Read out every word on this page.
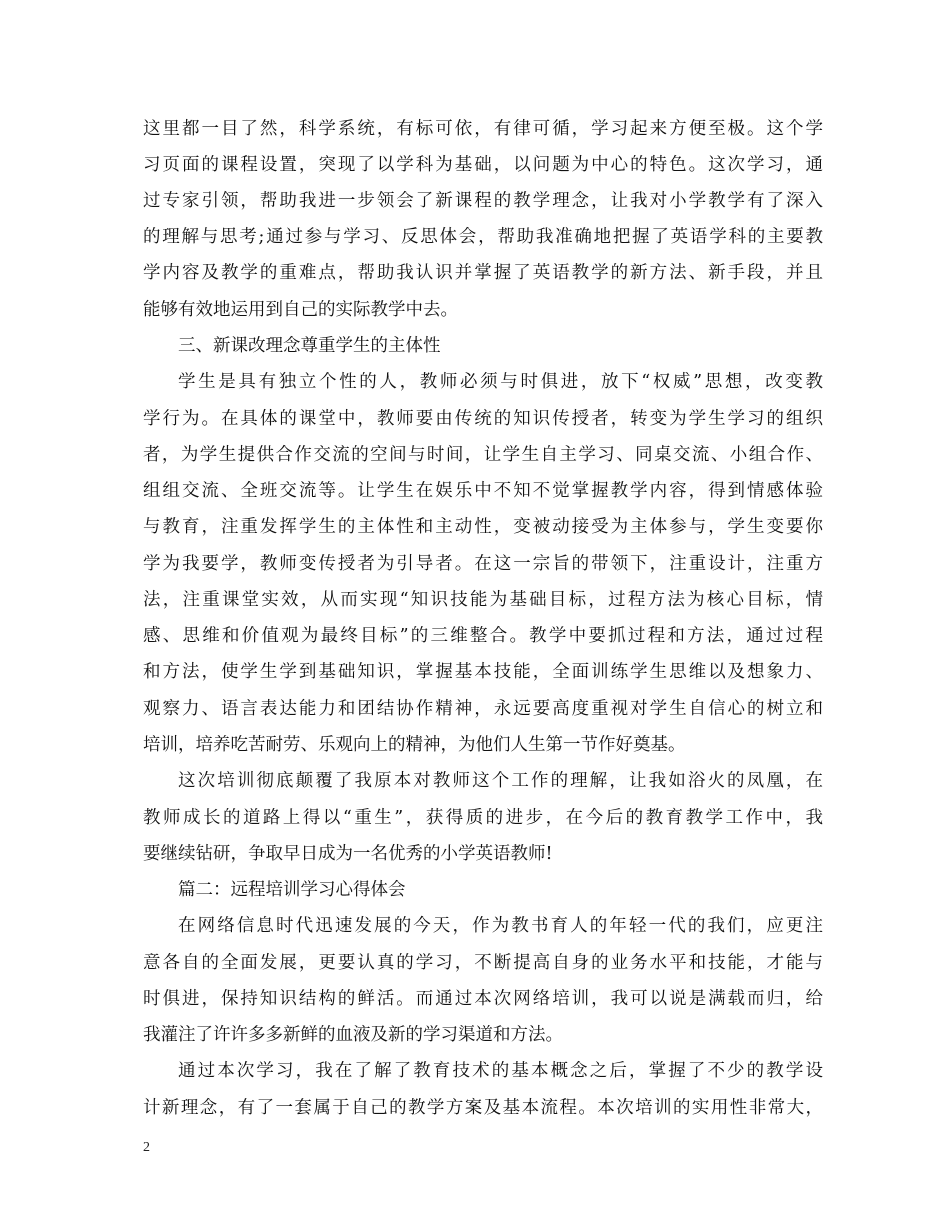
这里都一目了然，科学系统，有标可依，有律可循，学习起来方便至极。这个学

习页面的课程设置，突现了以学科为基础，以问题为中心的特色。这次学习，通

过专家引领，帮助我进一步领会了新课程的教学理念，让我对小学教学有了深入

的理解与思考;通过参与学习、反思体会，帮助我准确地把握了英语学科的主要教

学内容及教学的重难点，帮助我认识并掌握了英语教学的新方法、新手段，并且

能够有效地运用到自己的实际教学中去。

三、新课改理念尊重学生的主体性

学生是具有独立个性的人，教师必须与时俱进，放下“权威”思想，改变教

学行为。在具体的课堂中，教师要由传统的知识传授者，转变为学生学习的组织

者，为学生提供合作交流的空间与时间，让学生自主学习、同桌交流、小组合作、

组组交流、全班交流等。让学生在娱乐中不知不觉掌握教学内容，得到情感体验

与教育，注重发挥学生的主体性和主动性，变被动接受为主体参与，学生变要你

学为我要学，教师变传授者为引导者。在这一宗旨的带领下，注重设计，注重方

法，注重课堂实效，从而实现“知识技能为基础目标，过程方法为核心目标，情

感、思维和价值观为最终目标”的三维整合。教学中要抓过程和方法，通过过程

和方法，使学生学到基础知识，掌握基本技能，全面训练学生思维以及想象力、

观察力、语言表达能力和团结协作精神，永远要高度重视对学生自信心的树立和

培训，培养吃苦耐劳、乐观向上的精神，为他们人生第一节作好奠基。

这次培训彻底颠覆了我原本对教师这个工作的理解，让我如浴火的凤凰，在

教师成长的道路上得以“重生”，获得质的进步，在今后的教育教学工作中，我

要继续钻研，争取早日成为一名优秀的小学英语教师!

篇二：远程培训学习心得体会

在网络信息时代迅速发展的今天，作为教书育人的年轻一代的我们，应更注

意各自的全面发展，更要认真的学习，不断提高自身的业务水平和技能，才能与

时俱进，保持知识结构的鲜活。而通过本次网络培训，我可以说是满载而归，给

我灌注了许许多多新鲜的血液及新的学习渠道和方法。

通过本次学习，我在了解了教育技术的基本概念之后，掌握了不少的教学设

计新理念，有了一套属于自己的教学方案及基本流程。本次培训的实用性非常大，

2
